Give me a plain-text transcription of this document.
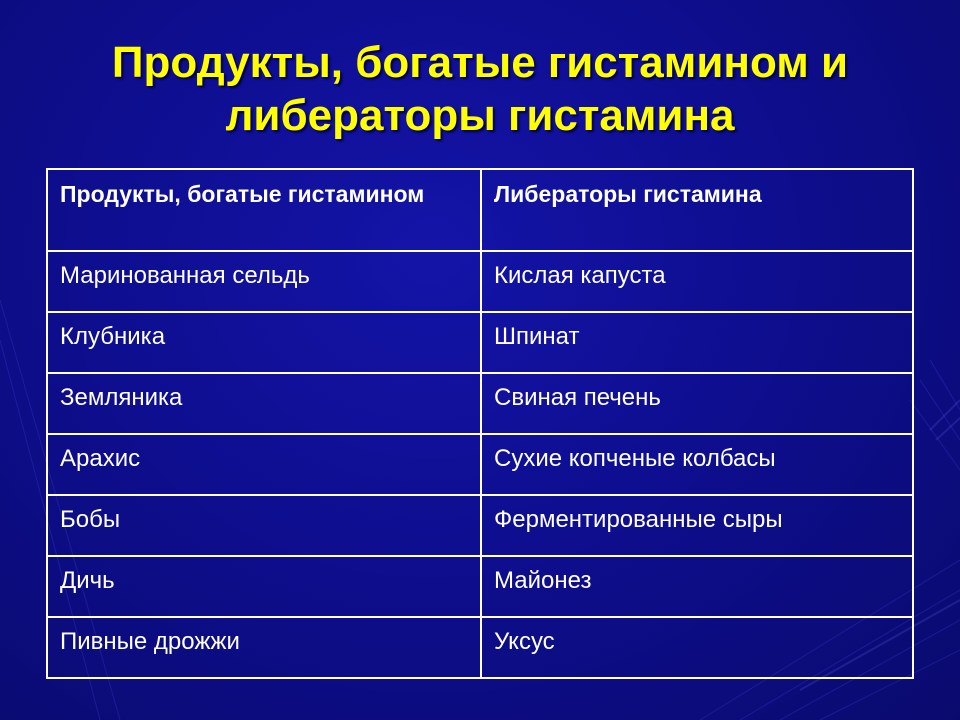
Продукты, богатые гистамином и
либераторы гистамина
Продукты, богатые гистамином	Либераторы гистамина
Маринованная сельдь	Кислая капуста
Клубника	Шпинат
Земляника	Свиная печень
Арахис	Сухие копченые колбасы
Бобы	Ферментированные сыры
Дичь	Майонез
Пивные дрожжи	Уксус
